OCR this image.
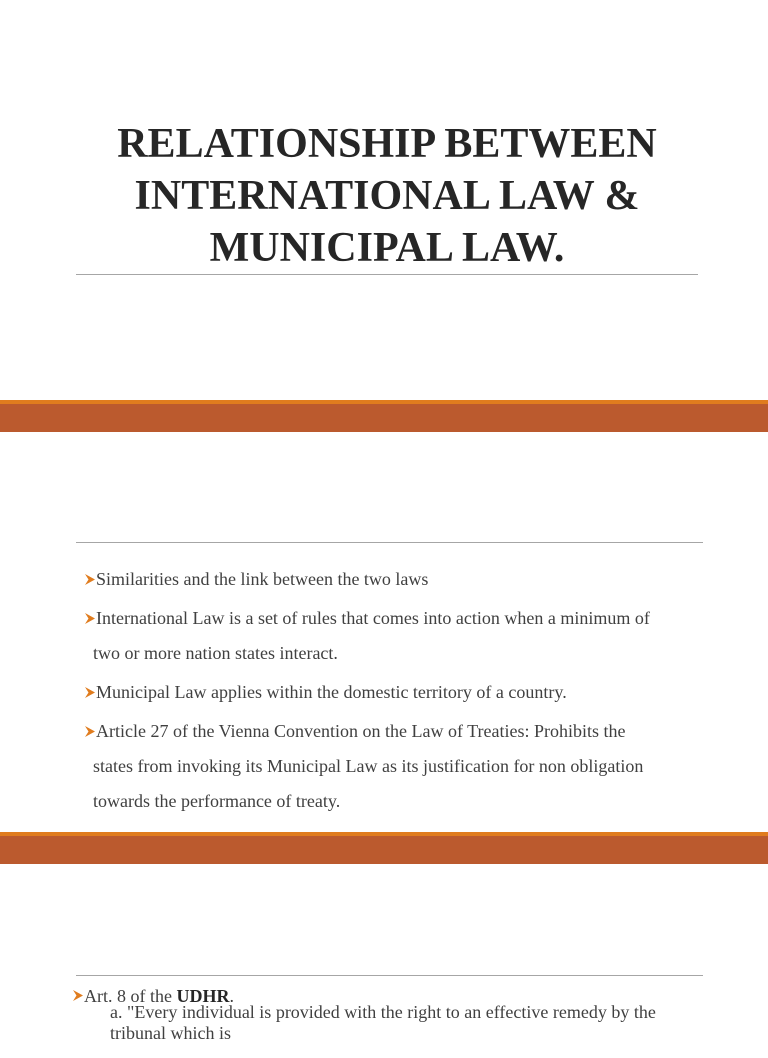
RELATIONSHIP BETWEEN
INTERNATIONAL LAW &
MUNICIPAL LAW.
Similarities and the link between the two laws
International Law is a set of rules that comes into action when a minimum of
two or more nation states interact.
Municipal Law applies within the domestic territory of a country.
Article 27 of the Vienna Convention on the Law of Treaties: Prohibits the
states from invoking its Municipal Law as its justification for non obligation
towards the performance of treaty.

Art. 8 of the UDHR.

a. "Every individual is provided with the right to an effective remedy by the tribunal which is
